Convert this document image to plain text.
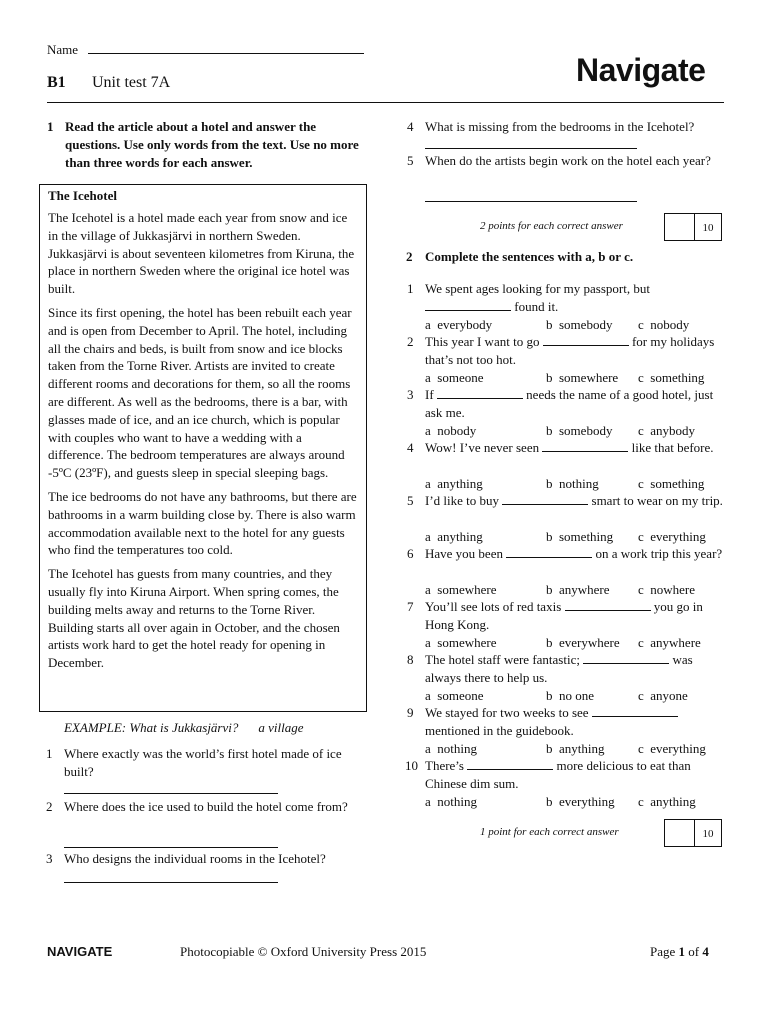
Name
B1 Unit test 7A	Navigate
1 Read the article about a hotel and answer the questions. Use only words from the text. Use no more than three words for each answer.
The Icehotel

The Icehotel is a hotel made each year from snow and ice in the village of Jukkasjärvi in northern Sweden. Jukkasjärvi is about seventeen kilometres from Kiruna, the place in northern Sweden where the original ice hotel was built.

Since its first opening, the hotel has been rebuilt each year and is open from December to April. The hotel, including all the chairs and beds, is built from snow and ice blocks taken from the Torne River. Artists are invited to create different rooms and decorations for them, so all the rooms are different. As well as the bedrooms, there is a bar, with glasses made of ice, and an ice church, which is popular with couples who want to have a wedding with a difference. The bedroom temperatures are always around -5ºC (23ºF), and guests sleep in special sleeping bags.

The ice bedrooms do not have any bathrooms, but there are bathrooms in a warm building close by. There is also warm accommodation available next to the hotel for any guests who find the temperatures too cold.

The Icehotel has guests from many countries, and they usually fly into Kiruna Airport. When spring comes, the building melts away and returns to the Torne River. Building starts all over again in October, and the chosen artists work hard to get the hotel ready for opening in December.

EXAMPLE: What is Jukkasjärvi? a village
1 Where exactly was the world’s first hotel made of ice built?
2 Where does the ice used to build the hotel come from?
3 Who designs the individual rooms in the Icehotel?
4 What is missing from the bedrooms in the Icehotel?
5 When do the artists begin work on the hotel each year?
2 points for each correct answer	10
2 Complete the sentences with a, b or c.
1 We spent ages looking for my passport, but  found it.
a  everybody	b  somebody c  nobody
2 This year I want to go	for my holidays that’s not too hot.
a  someone	b  somewhere c  something
3 If	needs the name of a good hotel, just ask me.
a  nobody	b  somebody c  anybody
4 Wow! I’ve never seen	like that before.
a  anything	b  nothing	c  something
5 I’d like to buy	smart to wear on my trip.
a  anything	b  something c  everything
6 Have you been	on a work trip this year?
a  somewhere	b  anywhere c  nowhere
7 You’ll see lots of red taxis	you go in Hong Kong.
a  somewhere	b  everywhere c  anywhere
8 The hotel staff were fantastic;	was always there to help us.
a  someone	b  no one	c  anyone
9 We stayed for two weeks to see  mentioned in the guidebook.
a  nothing	b  anything	c  everything
10 There’s	more delicious to eat than Chinese dim sum.
a  nothing	b  everything c  anything
1 point for each correct answer	10
NAVIGATE	Photocopiable © Oxford University Press 2015	Page 1 of 4
